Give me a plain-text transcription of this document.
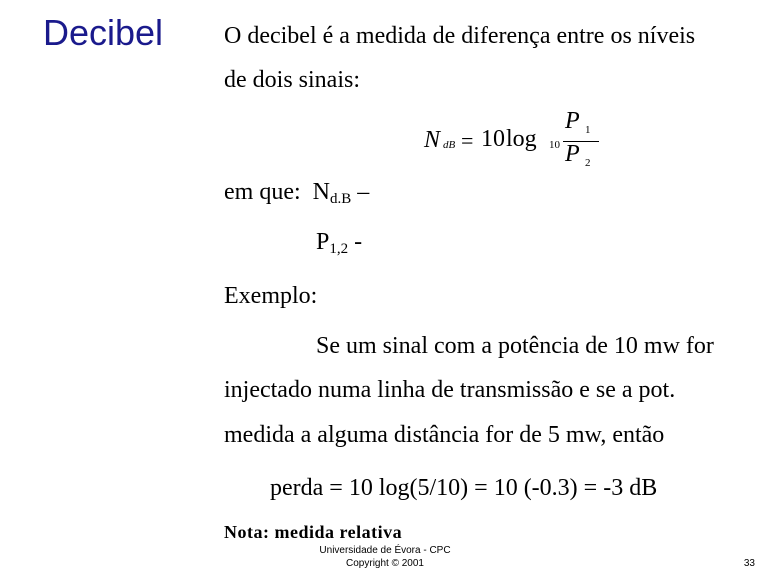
Decibel	O decibel é a medida de diferença entre os níveis
de dois sinais:
N dB = 10 log 10
P 1
P 2
em que: $N_{d.B}$ –
$P_{1,2}$ -
Exemplo:
Se um sinal com a potência de 10 mw for
injectado numa linha de transmissão e se a pot.
medida a alguma distância for de 5 mw, então
perda = 10 log(5/10) = 10 (-0.3) = -3 dB
Nota: medida relativa
Universidade de Évora - CPC
Copyright © 2001	33
